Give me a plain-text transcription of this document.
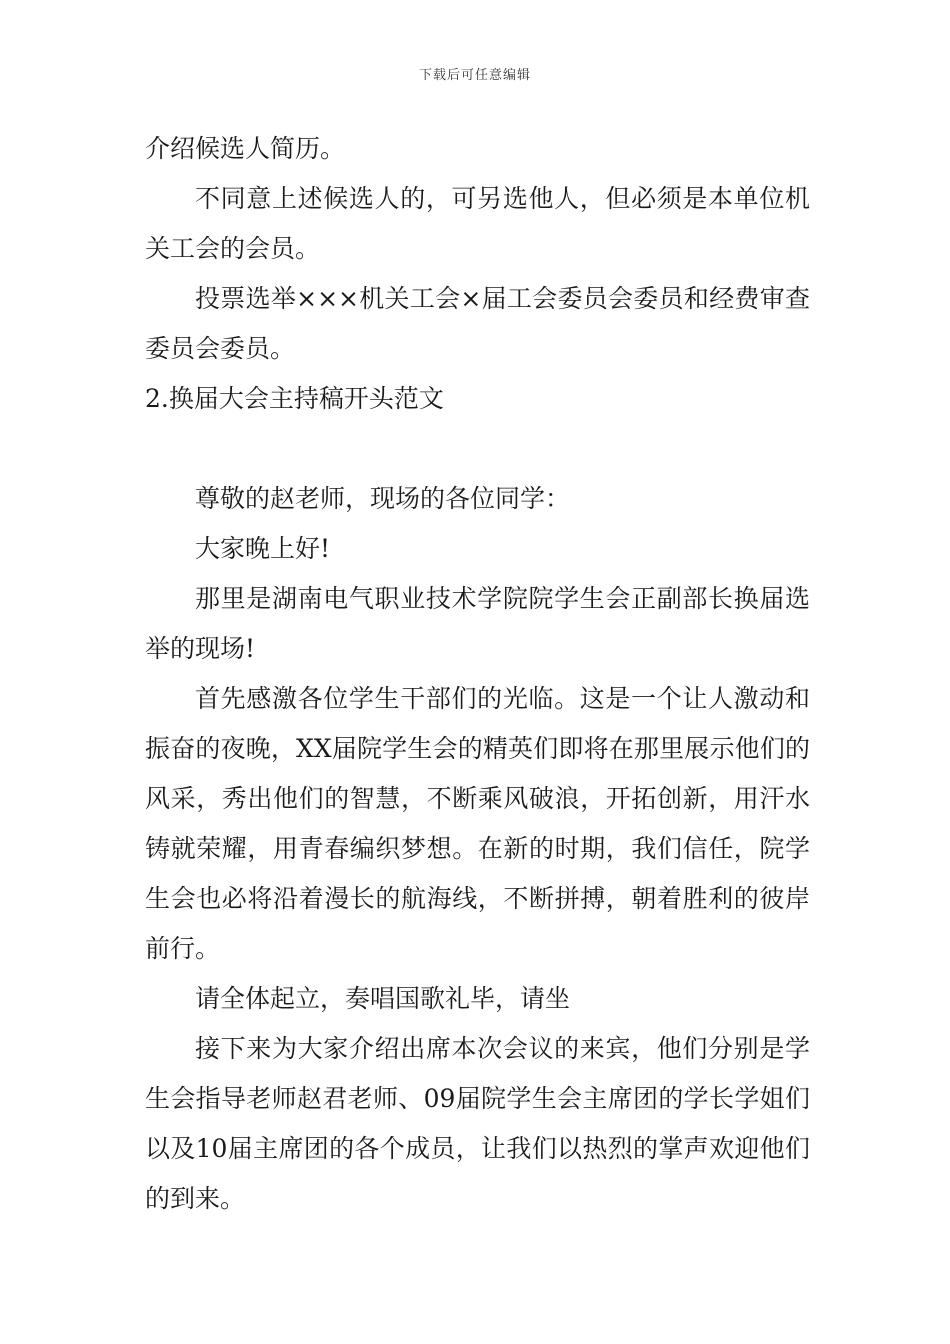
下载后可任意编辑

介绍候选人简历。

不同意上述候选人的，可另选他人，但必须是本单位机关工会的会员。

投票选举×××机关工会×届工会委员会委员和经费审查委员会委员。

2.换届大会主持稿开头范文

尊敬的赵老师，现场的各位同学：

大家晚上好!

那里是湖南电气职业技术学院院学生会正副部长换届选举的现场!

首先感激各位学生干部们的光临。这是一个让人激动和振奋的夜晚，XX届院学生会的精英们即将在那里展示他们的风采，秀出他们的智慧，不断乘风破浪，开拓创新，用汗水铸就荣耀，用青春编织梦想。在新的时期，我们信任，院学生会也必将沿着漫长的航海线，不断拼搏，朝着胜利的彼岸前行。

请全体起立，奏唱国歌礼毕，请坐

接下来为大家介绍出席本次会议的来宾，他们分别是学生会指导老师赵君老师、09届院学生会主席团的学长学姐们以及10届主席团的各个成员，让我们以热烈的掌声欢迎他们的到来。
